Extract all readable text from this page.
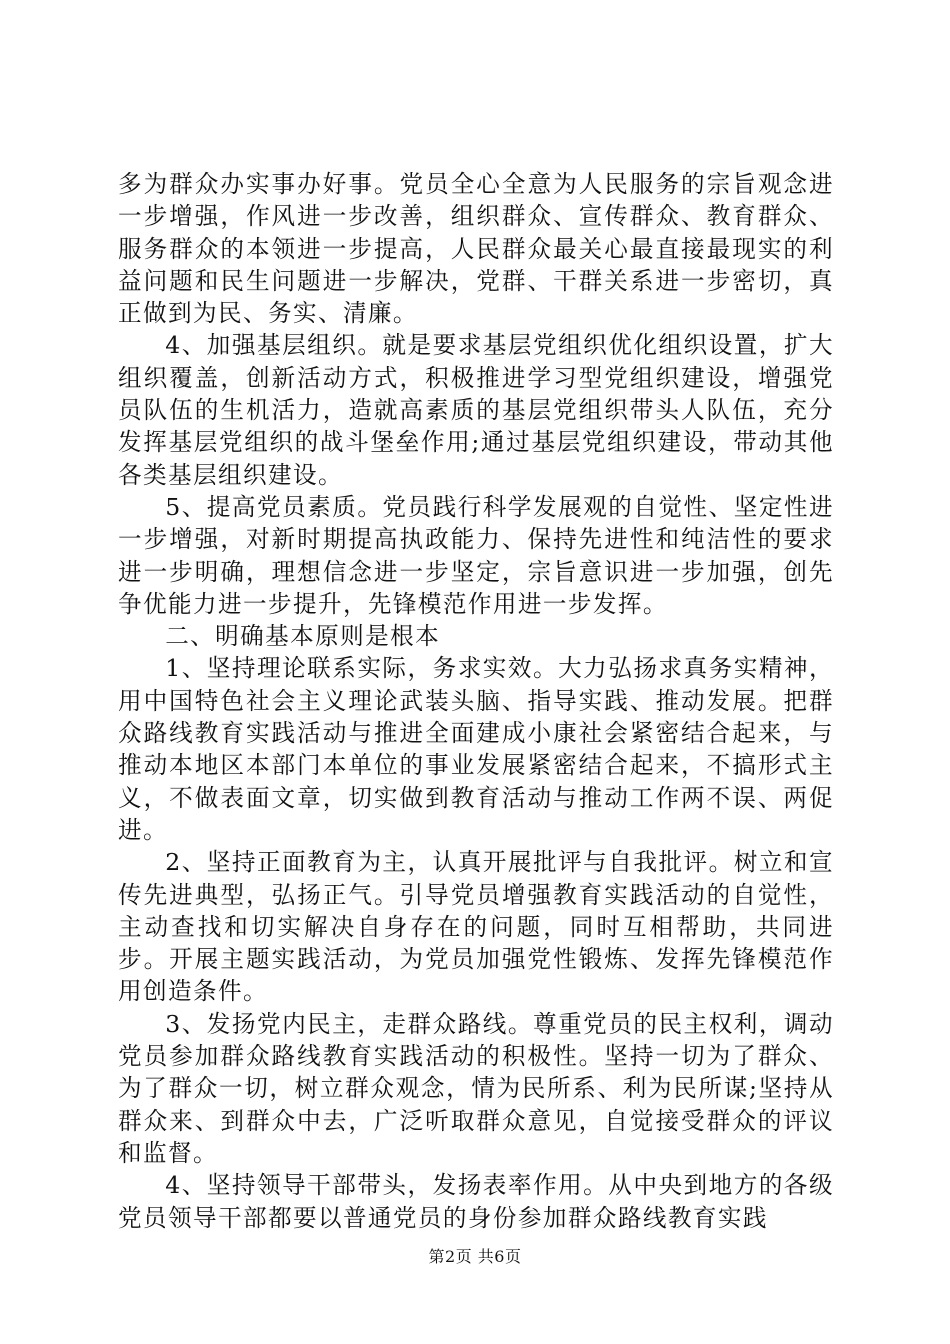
多为群众办实事办好事。党员全心全意为人民服务的宗旨观念进一步增强，作风进一步改善，组织群众、宣传群众、教育群众、服务群众的本领进一步提高，人民群众最关心最直接最现实的利益问题和民生问题进一步解决，党群、干群关系进一步密切，真正做到为民、务实、清廉。

4、加强基层组织。就是要求基层党组织优化组织设置，扩大组织覆盖，创新活动方式，积极推进学习型党组织建设，增强党员队伍的生机活力，造就高素质的基层党组织带头人队伍，充分发挥基层党组织的战斗堡垒作用;通过基层党组织建设，带动其他各类基层组织建设。

5、提高党员素质。党员践行科学发展观的自觉性、坚定性进一步增强，对新时期提高执政能力、保持先进性和纯洁性的要求进一步明确，理想信念进一步坚定，宗旨意识进一步加强，创先争优能力进一步提升，先锋模范作用进一步发挥。

二、明确基本原则是根本

1、坚持理论联系实际，务求实效。大力弘扬求真务实精神，用中国特色社会主义理论武装头脑、指导实践、推动发展。把群众路线教育实践活动与推进全面建成小康社会紧密结合起来，与推动本地区本部门本单位的事业发展紧密结合起来，不搞形式主义，不做表面文章，切实做到教育活动与推动工作两不误、两促进。

2、坚持正面教育为主，认真开展批评与自我批评。树立和宣传先进典型，弘扬正气。引导党员增强教育实践活动的自觉性，主动查找和切实解决自身存在的问题，同时互相帮助，共同进步。开展主题实践活动，为党员加强党性锻炼、发挥先锋模范作用创造条件。

3、发扬党内民主，走群众路线。尊重党员的民主权利，调动党员参加群众路线教育实践活动的积极性。坚持一切为了群众、为了群众一切，树立群众观念，情为民所系、利为民所谋;坚持从群众来、到群众中去，广泛听取群众意见，自觉接受群众的评议和监督。

4、坚持领导干部带头，发扬表率作用。从中央到地方的各级党员领导干部都要以普通党员的身份参加群众路线教育实践

第2页 共6页
